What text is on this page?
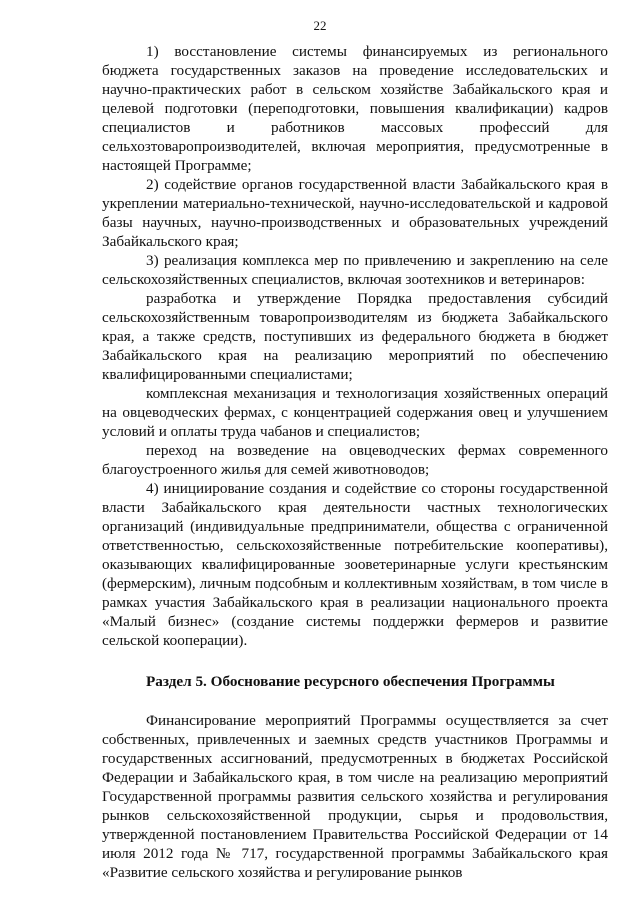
22

1) восстановление системы финансируемых из регионального бюджета государственных заказов на проведение исследовательских и научно-практических работ в сельском хозяйстве Забайкальского края и целевой подготовки (переподготовки, повышения квалификации) кадров специалистов и работников массовых профессий для сельхозтоваропроизводителей, включая мероприятия, предусмотренные в настоящей Программе;

2) содействие органов государственной власти Забайкальского края в укреплении материально-технической, научно-исследовательской и кадровой базы научных, научно-производственных и образовательных учреждений Забайкальского края;

3) реализация комплекса мер по привлечению и закреплению на селе сельскохозяйственных специалистов, включая зоотехников и ветеринаров:

разработка и утверждение Порядка предоставления субсидий сельскохозяйственным товаропроизводителям из бюджета Забайкальского края, а также средств, поступивших из федерального бюджета в бюджет Забайкальского края на реализацию мероприятий по обеспечению квалифицированными специалистами;

комплексная механизация и технологизация хозяйственных операций на овцеводческих фермах, с концентрацией содержания овец и улучшением условий и оплаты труда чабанов и специалистов;

переход на возведение на овцеводческих фермах современного благоустроенного жилья для семей животноводов;

4) инициирование создания и содействие со стороны государственной власти Забайкальского края деятельности частных технологических организаций (индивидуальные предприниматели, общества с ограниченной ответственностью, сельскохозяйственные потребительские кооперативы), оказывающих квалифицированные зооветеринарные услуги крестьянским (фермерским), личным подсобным и коллективным хозяйствам, в том числе в рамках участия Забайкальского края в реализации национального проекта «Малый бизнес» (создание системы поддержки фермеров и развитие сельской кооперации).

Раздел 5. Обоснование ресурсного обеспечения Программы

Финансирование мероприятий Программы осуществляется за счет собственных, привлеченных и заемных средств участников Программы и государственных ассигнований, предусмотренных в бюджетах Российской Федерации и Забайкальского края, в том числе на реализацию мероприятий Государственной программы развития сельского хозяйства и регулирования рынков сельскохозяйственной продукции, сырья и продовольствия, утвержденной постановлением Правительства Российской Федерации от 14 июля 2012 года № 717, государственной программы Забайкальского края «Развитие сельского хозяйства и регулирование рынков
